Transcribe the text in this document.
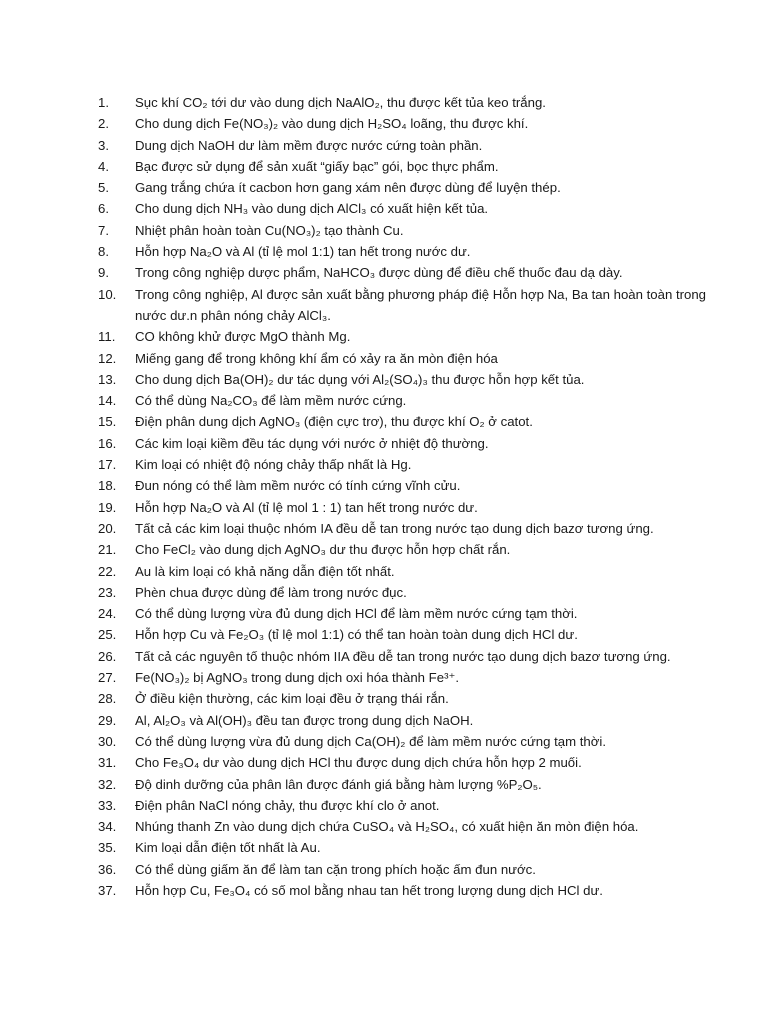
1.	Sục khí CO₂ tới dư vào dung dịch NaAlO₂, thu được kết tủa keo trắng.
2.	Cho dung dịch Fe(NO₃)₂ vào dung dịch H₂SO₄ loãng, thu được khí.
3.	Dung dịch NaOH dư làm mềm được nước cứng toàn phần.
4.	Bạc được sử dụng để sản xuất “giấy bạc” gói, bọc thực phẩm.
5.	Gang trắng chứa ít cacbon hơn gang xám nên được dùng để luyện thép.
6.	Cho dung dịch NH₃ vào dung dịch AlCl₃ có xuất hiện kết tủa.
7.	Nhiệt phân hoàn toàn Cu(NO₃)₂ tạo thành Cu.
8.	Hỗn hợp Na₂O và Al (tỉ lệ mol 1:1) tan hết trong nước dư.
9.	Trong công nghiệp dược phẩm, NaHCO₃ được dùng để điều chế thuốc đau dạ dày.
10.	Trong công nghiệp, Al được sản xuất bằng phương pháp điệ Hỗn hợp Na, Ba tan hoàn toàn trong nước dư.n phân nóng chảy AlCl₃.
11.	CO không khử được MgO thành Mg.
12.	Miếng gang để trong không khí ẩm có xảy ra ăn mòn điện hóa
13.	Cho dung dịch Ba(OH)₂ dư tác dụng với Al₂(SO₄)₃ thu được hỗn hợp kết tủa.
14.	Có thể dùng Na₂CO₃ để làm mềm nước cứng.
15.	Điện phân dung dịch AgNO₃ (điện cực trơ), thu được khí O₂ ở catot.
16.	Các kim loại kiềm đều tác dụng với nước ở nhiệt độ thường.
17.	Kim loại có nhiệt độ nóng chảy thấp nhất là Hg.
18.	Đun nóng có thể làm mềm nước có tính cứng vĩnh cửu.
19.	Hỗn hợp Na₂O và Al (tỉ lệ mol 1 : 1) tan hết trong nước dư.
20.	Tất cả các kim loại thuộc nhóm IA đều dễ tan trong nước tạo dung dịch bazơ tương ứng.
21.	Cho FeCl₂ vào dung dịch AgNO₃ dư thu được hỗn hợp chất rắn.
22.	Au là kim loại có khả năng dẫn điện tốt nhất.
23.	Phèn chua được dùng để làm trong nước đục.
24.	Có thể dùng lượng vừa đủ dung dịch HCl để làm mềm nước cứng tạm thời.
25.	Hỗn hợp Cu và Fe₂O₃ (tỉ lệ mol 1:1) có thể tan hoàn toàn dung dịch HCl dư.
26.	Tất cả các nguyên tố thuộc nhóm IIA đều dễ tan trong nước tạo dung dịch bazơ tương ứng.
27.	Fe(NO₃)₂ bị AgNO₃ trong dung dịch oxi hóa thành Fe³⁺.
28.	Ở điều kiện thường, các kim loại đều ở trạng thái rắn.
29.	Al, Al₂O₃ và Al(OH)₃ đều tan được trong dung dịch NaOH.
30.	Có thể dùng lượng vừa đủ dung dịch Ca(OH)₂ để làm mềm nước cứng tạm thời.
31.	Cho Fe₃O₄ dư vào dung dịch HCl thu được dung dịch chứa hỗn hợp 2 muối.
32.	Độ dinh dưỡng của phân lân được đánh giá bằng hàm lượng %P₂O₅.
33.	Điện phân NaCl nóng chảy, thu được khí clo ở anot.
34.	Nhúng thanh Zn vào dung dịch chứa CuSO₄ và H₂SO₄, có xuất hiện ăn mòn điện hóa.
35.	Kim loại dẫn điện tốt nhất là Au.
36.	Có thể dùng giấm ăn để làm tan cặn trong phích hoặc ấm đun nước.
37.	Hỗn hợp Cu, Fe₃O₄ có số mol bằng nhau tan hết trong lượng dung dịch HCl dư.
